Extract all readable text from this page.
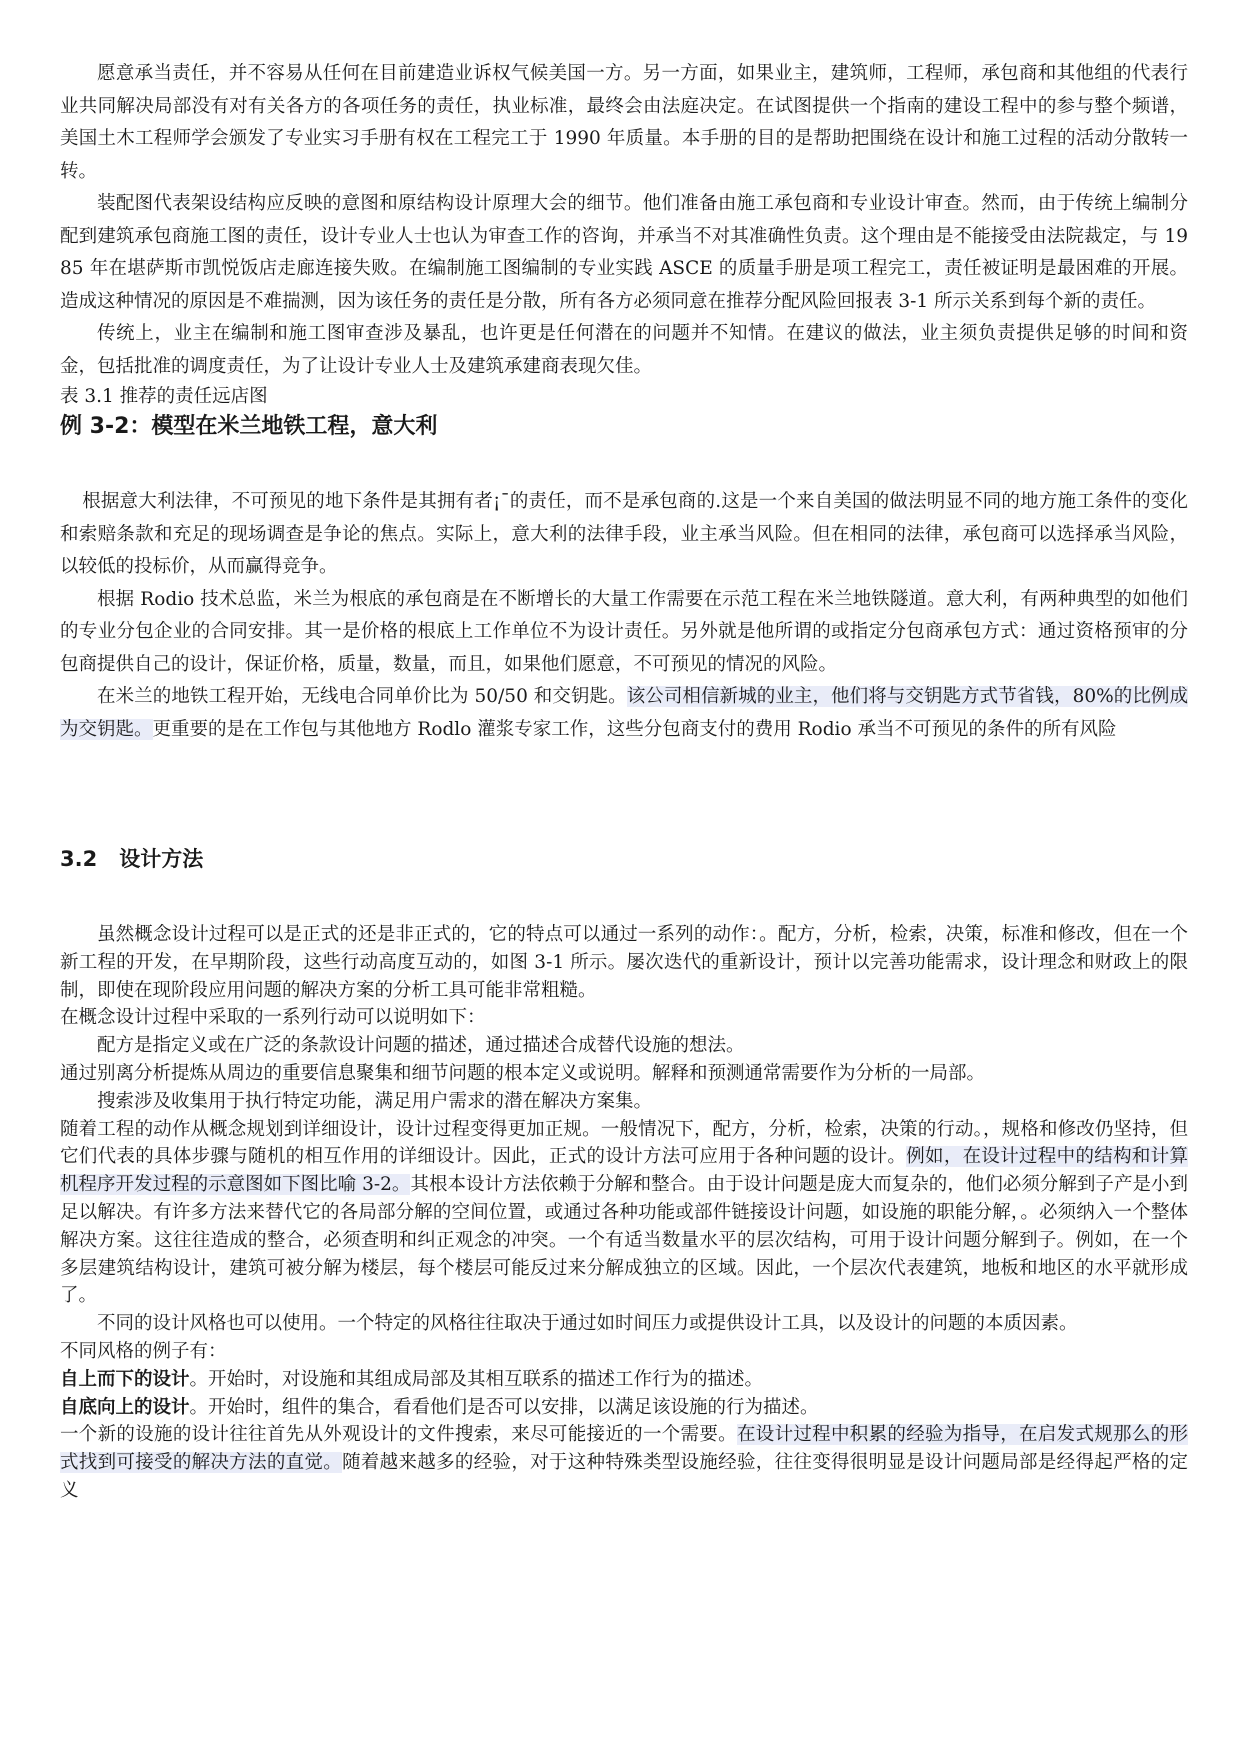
愿意承当责任，并不容易从任何在目前建造业诉权气候美国一方。另一方面，如果业主，建筑师，工程师，承包商和其他组的代表行业共同解决局部没有对有关各方的各项任务的责任，执业标准，最终会由法庭决定。在试图提供一个指南的建设工程中的参与整个频谱，美国土木工程师学会颁发了专业实习手册有权在工程完工于 1990 年质量。本手册的目的是帮助把围绕在设计和施工过程的活动分散转一转。

装配图代表架设结构应反映的意图和原结构设计原理大会的细节。他们准备由施工承包商和专业设计审查。然而，由于传统上编制分配到建筑承包商施工图的责任，设计专业人士也认为审查工作的咨询，并承当不对其准确性负责。这个理由是不能接受由法院裁定，与 1985 年在堪萨斯市凯悦饭店走廊连接失败。在编制施工图编制的专业实践 ASCE 的质量手册是项工程完工，责任被证明是最困难的开展。造成这种情况的原因是不难揣测，因为该任务的责任是分散，所有各方必须同意在推荐分配风险回报表 3-1 所示关系到每个新的责任。

传统上，业主在编制和施工图审查涉及暴乱，也许更是任何潜在的问题并不知情。在建议的做法，业主须负责提供足够的时间和资金，包括批准的调度责任，为了让设计专业人士及建筑承建商表现欠佳。

表 3.1 推荐的责任远店图

例 3-2：模型在米兰地铁工程，意大利

根据意大利法律，不可预见的地下条件是其拥有者¡¯的责任，而不是承包商的.这是一个来自美国的做法明显不同的地方施工条件的变化和索赔条款和充足的现场调查是争论的焦点。实际上，意大利的法律手段，业主承当风险。但在相同的法律，承包商可以选择承当风险，以较低的投标价，从而赢得竞争。

根据 Rodio 技术总监，米兰为根底的承包商是在不断增长的大量工作需要在示范工程在米兰地铁隧道。意大利，有两种典型的如他们的专业分包企业的合同安排。其一是价格的根底上工作单位不为设计责任。另外就是他所谓的或指定分包商承包方式：通过资格预审的分包商提供自己的设计，保证价格，质量，数量，而且，如果他们愿意，不可预见的情况的风险。

在米兰的地铁工程开始，无线电合同单价比为 50/50 和交钥匙。该公司相信新城的业主，他们将与交钥匙方式节省钱，80%的比例成为交钥匙。更重要的是在工作包与其他地方 Rodlo 灌浆专家工作，这些分包商支付的费用 Rodio 承当不可预见的条件的所有风险

3.2 设计方法

虽然概念设计过程可以是正式的还是非正式的，它的特点可以通过一系列的动作：。配方，分析，检索，决策，标准和修改，但在一个新工程的开发，在早期阶段，这些行动高度互动的，如图 3-1 所示。屡次迭代的重新设计，预计以完善功能需求，设计理念和财政上的限制，即使在现阶段应用问题的解决方案的分析工具可能非常粗糙。

在概念设计过程中采取的一系列行动可以说明如下：

配方是指定义或在广泛的条款设计问题的描述，通过描述合成替代设施的想法。

通过别离分析提炼从周边的重要信息聚集和细节问题的根本定义或说明。解释和预测通常需要作为分析的一局部。

搜索涉及收集用于执行特定功能，满足用户需求的潜在解决方案集。

随着工程的动作从概念规划到详细设计，设计过程变得更加正规。一般情况下，配方，分析，检索，决策的行动。，规格和修改仍坚持，但它们代表的具体步骤与随机的相互作用的详细设计。因此，正式的设计方法可应用于各种问题的设计。例如，在设计过程中的结构和计算机程序开发过程的示意图如下图比喻 3-2。其根本设计方法依赖于分解和整合。由于设计问题是庞大而复杂的，他们必须分解到子产是小到足以解决。有许多方法来替代它的各局部分解的空间位置，或通过各种功能或部件链接设计问题，如设施的职能分解，。必须纳入一个整体解决方案。这往往造成的整合，必须查明和纠正观念的冲突。一个有适当数量水平的层次结构，可用于设计问题分解到子。例如，在一个多层建筑结构设计，建筑可被分解为楼层，每个楼层可能反过来分解成独立的区域。因此，一个层次代表建筑，地板和地区的水平就形成了。

不同的设计风格也可以使用。一个特定的风格往往取决于通过如时间压力或提供设计工具，以及设计的问题的本质因素。

不同风格的例子有：

自上而下的设计。开始时，对设施和其组成局部及其相互联系的描述工作行为的描述。

自底向上的设计。开始时，组件的集合，看看他们是否可以安排，以满足该设施的行为描述。

一个新的设施的设计往往首先从外观设计的文件搜索，来尽可能接近的一个需要。在设计过程中积累的经验为指导，在启发式规那么的形式找到可接受的解决方法的直觉。随着越来越多的经验，对于这种特殊类型设施经验，往往变得很明显是设计问题局部是经得起严格的定义
